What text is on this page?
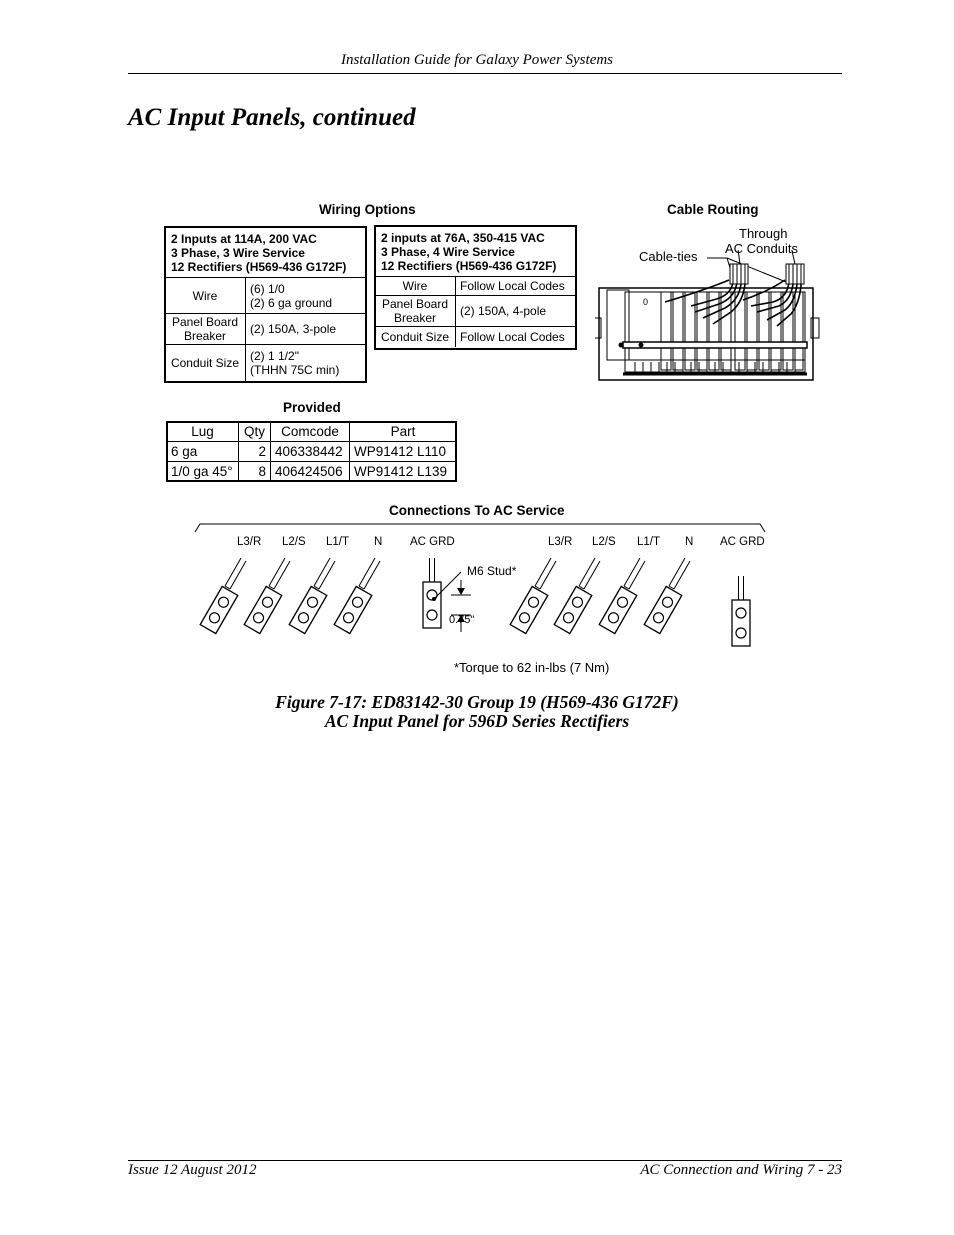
Installation Guide for Galaxy Power Systems
AC Input Panels, continued
Wiring Options
2 Inputs at 114A, 200 VAC
3 Phase, 3 Wire Service
12 Rectifiers (H569-436 G172F)	
Wire	(6) 1/0
(2) 6 ga ground
Panel Board
Breaker	(2) 150A, 3-pole
Conduit Size	(2) 1 1/2"
(THHN 75C min)
2 inputs at 76A, 350-415 VAC
3 Phase, 4 Wire Service
12 Rectifiers (H569-436 G172F)	
Wire	Follow Local Codes
Panel Board
Breaker	(2) 150A, 4-pole
Conduit Size	Follow Local Codes
Cable Routing
Through
AC Conduits
Cable-ties
0
Provided
Lug	Qty	Comcode	Part
6 ga	2	406338442	WP91412 L110
1/0 ga 45°	8	406424506	WP91412 L139
Connections To AC Service
L3/R L2/S L1/T N AC GRD	L3/R L2/S L1/T N AC GRD
M6 Stud*
0.75"
*Torque to 62 in-lbs (7 Nm)
Figure 7-17: ED83142-30 Group 19 (H569-436 G172F)
AC Input Panel for 596D Series Rectifiers
Issue 12 August 2012	AC Connection and Wiring 7 - 23
